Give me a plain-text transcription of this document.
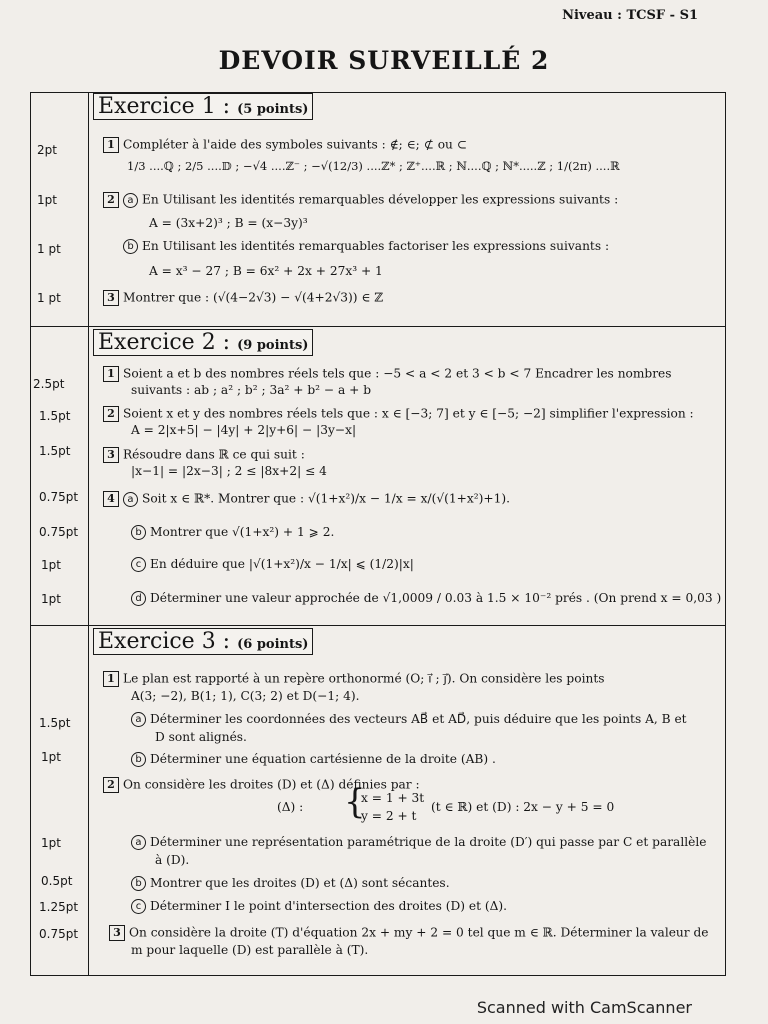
Niveau : TCSF - S1
DEVOIR SURVEILLÉ 2
Exercice 1 : (5 points)
2pt
1pt
1 pt
1 pt
1 Compléter à l'aide des symboles suivants : ∉; ∈; ⊄ ou ⊂
1/3 ....ℚ ; 2/5 ....𝔻 ; −√4 ....ℤ⁻ ; −√(12/3) ....ℤ* ; ℤ⁺....ℝ ; ℕ....ℚ ; ℕ*.....ℤ ; 1/(2π) ....ℝ
2 a En Utilisant les identités remarquables développer les expressions suivants :
A = (3x+2)³ ; B = (x−3y)³
b En Utilisant les identités remarquables factoriser les expressions suivants :
A = x³ − 27 ; B = 6x² + 2x + 27x³ + 1
3 Montrer que : (√(4−2√3) − √(4+2√3)) ∈ ℤ
Exercice 2 : (9 points)
2.5pt
1.5pt
1.5pt
0.75pt
0.75pt
1pt
1pt
1 Soient a et b des nombres réels tels que : −5 < a < 2 et 3 < b < 7 Encadrer les nombres
suivants : ab ; a² ; b² ; 3a² + b² − a + b
2 Soient x et y des nombres réels tels que : x ∈ [−3; 7] et y ∈ [−5; −2] simplifier l'expression :
A = 2|x+5| − |4y| + 2|y+6| − |3y−x|
3 Résoudre dans ℝ ce qui suit :
|x−1| = |2x−3| ; 2 ≤ |8x+2| ≤ 4
4 a Soit x ∈ ℝ*. Montrer que : √(1+x²)/x − 1/x = x/(√(1+x²)+1).
b Montrer que √(1+x²) + 1 ⩾ 2.
c En déduire que |√(1+x²)/x − 1/x| ⩽ (1/2)|x|
d Déterminer une valeur approchée de √1,0009 / 0.03 à 1.5 × 10⁻² prés . (On prend x = 0,03 )
Exercice 3 : (6 points)
1.5pt
1pt
1pt
0.5pt
1.25pt
0.75pt
1 Le plan est rapporté à un repère orthonormé (O; i⃗ ; j⃗). On considère les points
A(3; −2), B(1; 1), C(3; 2) et D(−1; 4).
a Déterminer les coordonnées des vecteurs AB⃗ et AD⃗, puis déduire que les points A, B et
D sont alignés.
b Déterminer une équation cartésienne de la droite (AB) .
2 On considère les droites (D) et (Δ) définies par :
(Δ) : {
x = 1 + 3t
y = 2 + t
(t ∈ ℝ) et (D) : 2x − y + 5 = 0
a Déterminer une représentation paramétrique de la droite (D′) qui passe par C et parallèle
à (D).
b Montrer que les droites (D) et (Δ) sont sécantes.
c Déterminer I le point d'intersection des droites (D) et (Δ).
3 On considère la droite (T) d'équation 2x + my + 2 = 0 tel que m ∈ ℝ. Déterminer la valeur de
m pour laquelle (D) est parallèle à (T).
Scanned with CamScanner
